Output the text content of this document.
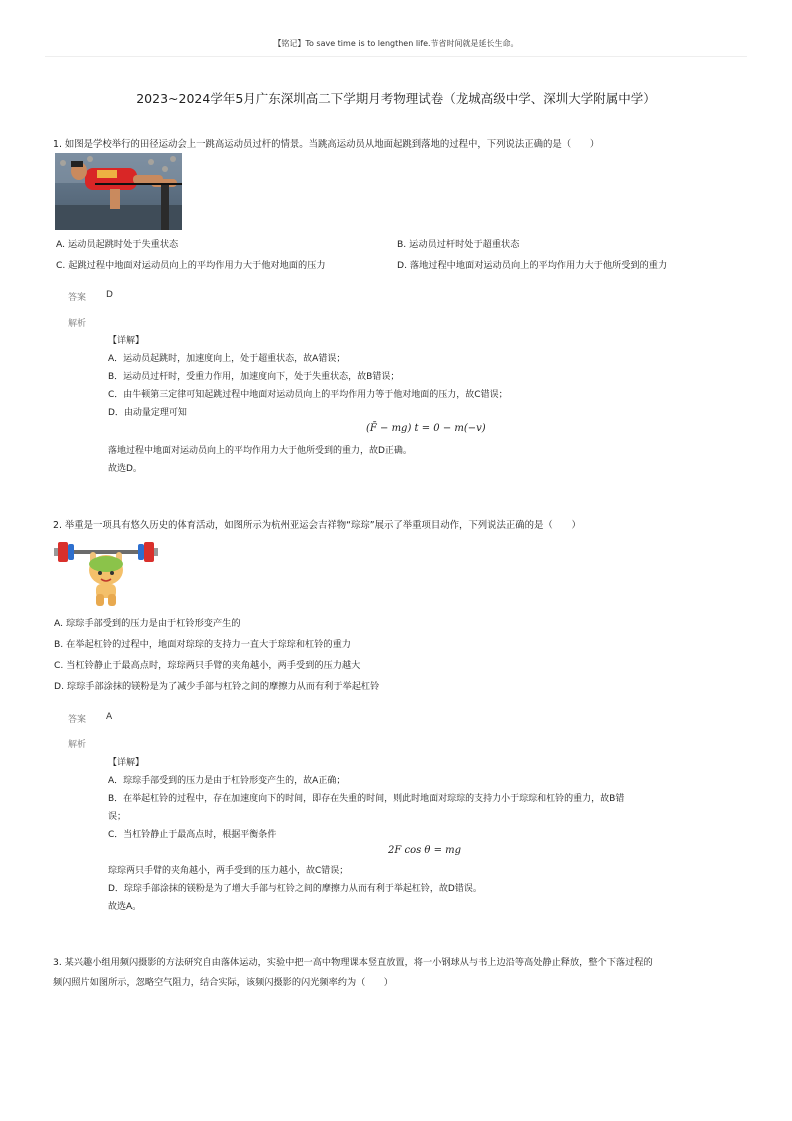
【铭记】To save time is to lengthen life.节省时间就是延长生命。
2023~2024学年5月广东深圳高二下学期月考物理试卷（龙城高级中学、深圳大学附属中学）
1. 如图是学校举行的田径运动会上一跳高运动员过杆的情景。当跳高运动员从地面起跳到落地的过程中，下列说法正确的是（　　）
A. 运动员起跳时处于失重状态	B. 运动员过杆时处于超重状态
C. 起跳过程中地面对运动员向上的平均作用力大于他对地面的压力	D. 落地过程中地面对运动员向上的平均作用力大于他所受到的重力
答案 D
解析
【详解】
A．运动员起跳时，加速度向上，处于超重状态，故A错误；
B．运动员过杆时，受重力作用，加速度向下，处于失重状态，故B错误；
C．由牛顿第三定律可知起跳过程中地面对运动员向上的平均作用力等于他对地面的压力，故C错误；
D．由动量定理可知
(F̄ − mg) t = 0 − m(−v)
落地过程中地面对运动员向上的平均作用力大于他所受到的重力，故D正确。
故选D。
2. 举重是一项具有悠久历史的体育活动，如图所示为杭州亚运会吉祥物“琮琮”展示了举重项目动作，下列说法正确的是（　　）
A. 琮琮手部受到的压力是由于杠铃形变产生的
B. 在举起杠铃的过程中，地面对琮琮的支持力一直大于琮琮和杠铃的重力
C. 当杠铃静止于最高点时，琮琮两只手臂的夹角越小，两手受到的压力越大
D. 琮琮手部涂抹的镁粉是为了减少手部与杠铃之间的摩擦力从而有利于举起杠铃
答案 A
解析
【详解】
A．琮琮手部受到的压力是由于杠铃形变产生的，故A正确；
B．在举起杠铃的过程中，存在加速度向下的时间，即存在失重的时间，则此时地面对琮琮的支持力小于琮琮和杠铃的重力，故B错
误；
C．当杠铃静止于最高点时，根据平衡条件
2F cos θ = mg
琮琮两只手臂的夹角越小，两手受到的压力越小，故C错误；
D．琮琮手部涂抹的镁粉是为了增大手部与杠铃之间的摩擦力从而有利于举起杠铃，故D错误。
故选A。
3. 某兴趣小组用频闪摄影的方法研究自由落体运动，实验中把一高中物理课本竖直放置，将一小钢球从与书上边沿等高处静止释放，整个下落过程的
频闪照片如图所示，忽略空气阻力，结合实际，该频闪摄影的闪光频率约为（　　）
